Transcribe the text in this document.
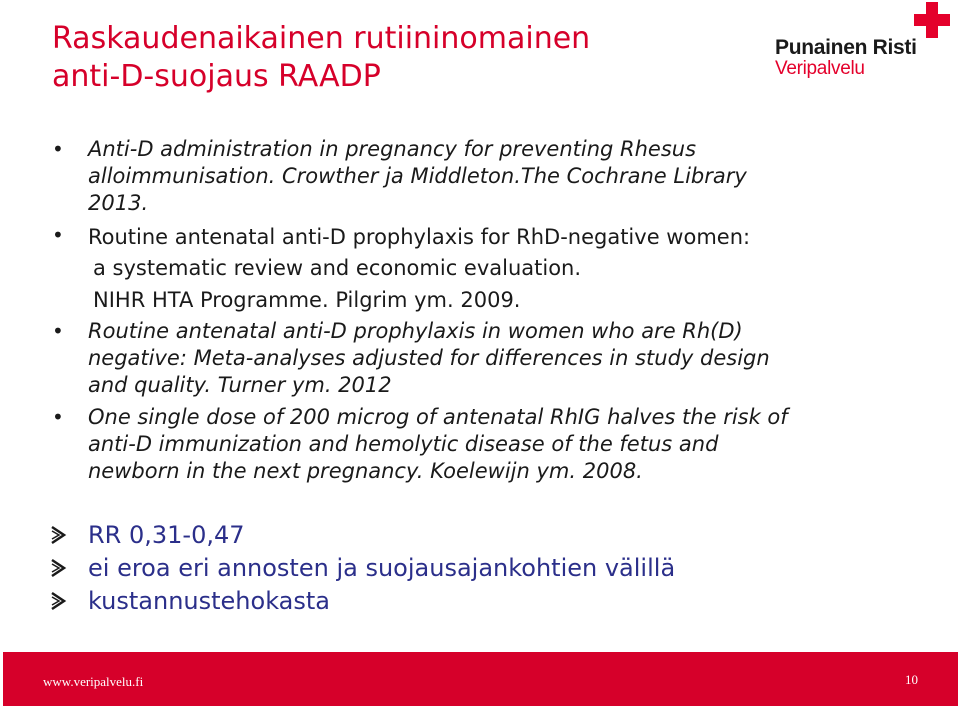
Raskaudenaikainen rutiininomainen
anti-D-suojaus RAADP
Punainen Risti
Veripalvelu
• Anti-D administration in pregnancy for preventing Rhesus
alloimmunisation. Crowther ja Middleton.The Cochrane Library
2013.
• Routine antenatal anti-D prophylaxis for RhD-negative women:
a systematic review and economic evaluation.
NIHR HTA Programme. Pilgrim ym. 2009.
• Routine antenatal anti-D prophylaxis in women who are Rh(D)
negative: Meta-analyses adjusted for differences in study design
and quality. Turner ym. 2012
• One single dose of 200 microg of antenatal RhIG halves the risk of
anti-D immunization and hemolytic disease of the fetus and
newborn in the next pregnancy. Koelewijn ym. 2008.
RR 0,31-0,47
ei eroa eri annosten ja suojausajankohtien välillä
kustannustehokasta
www.veripalvelu.fi	10
